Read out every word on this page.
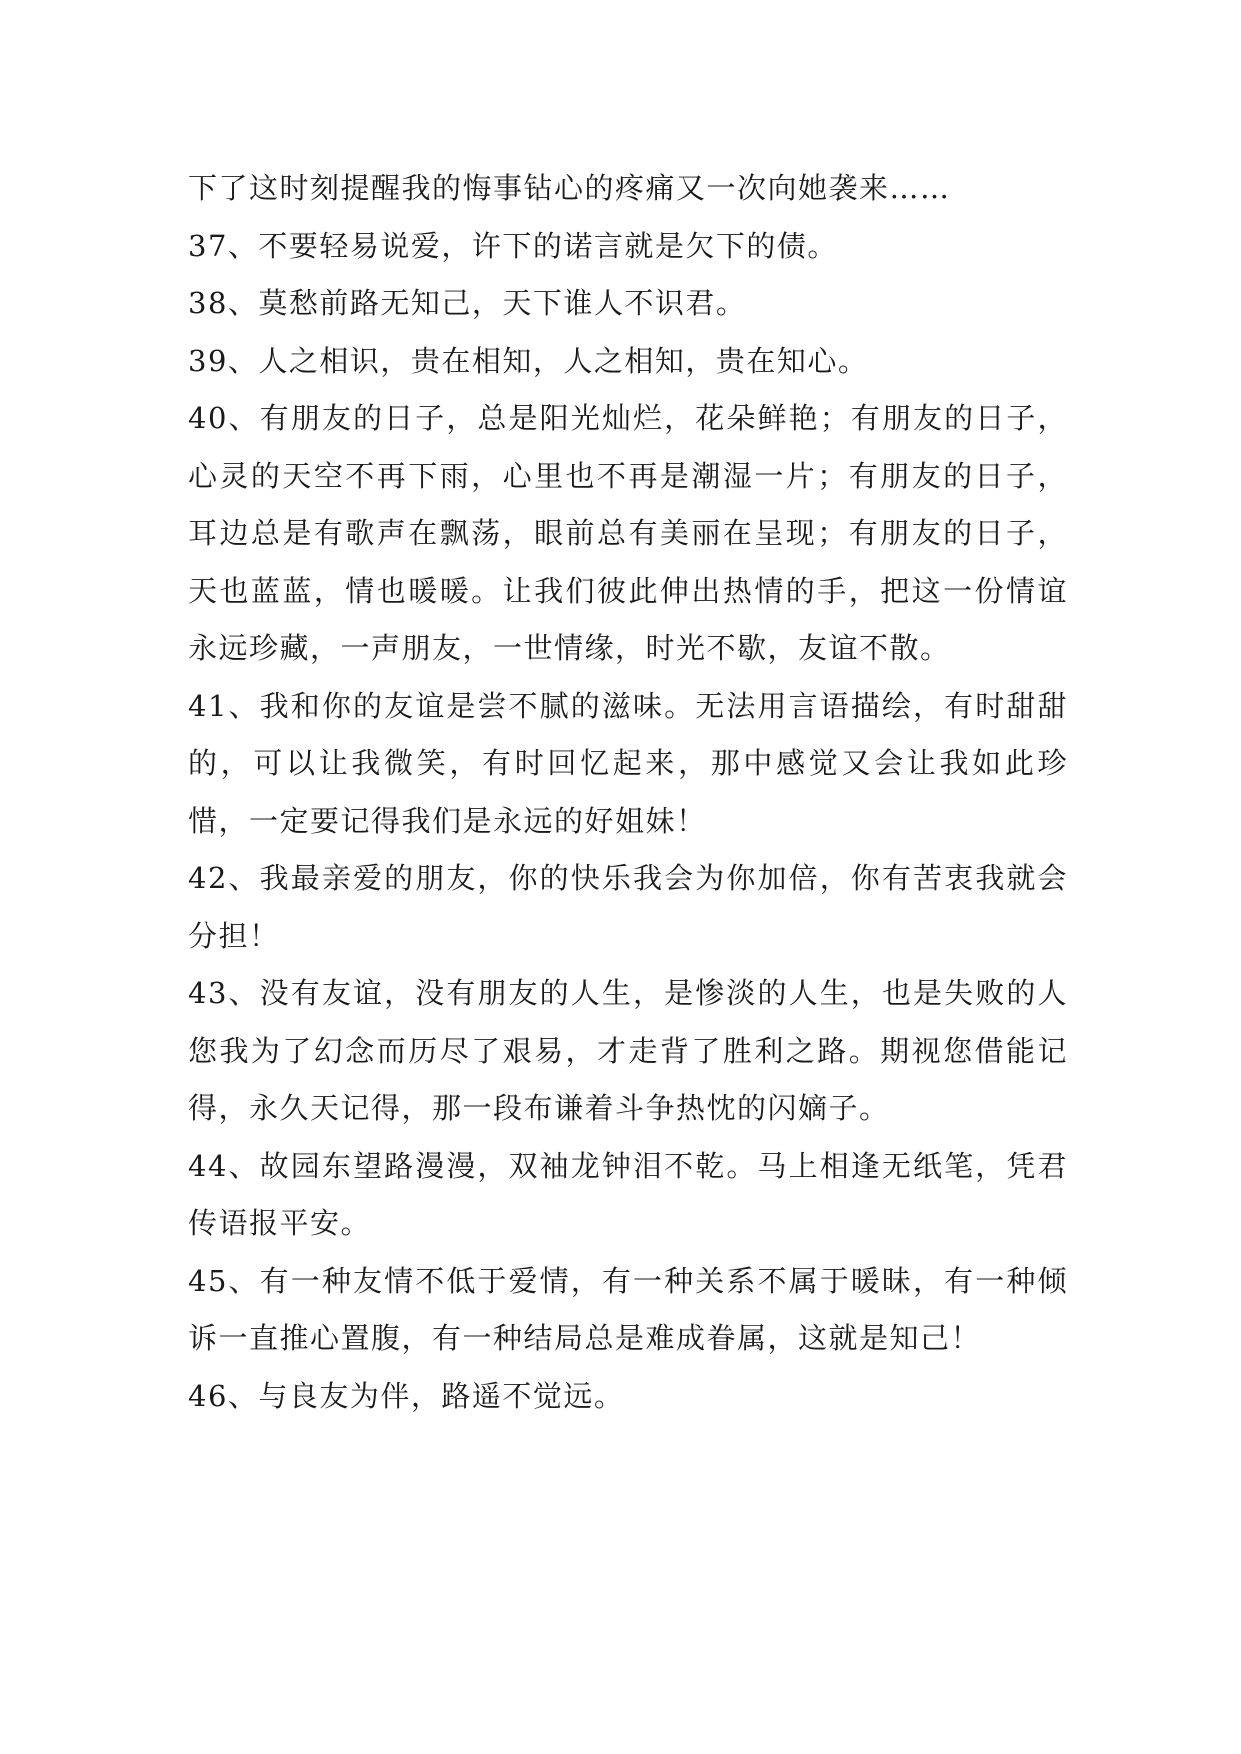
下了这时刻提醒我的悔事钻心的疼痛又一次向她袭来……

37、不要轻易说爱，许下的诺言就是欠下的债。

38、莫愁前路无知己，天下谁人不识君。

39、人之相识，贵在相知，人之相知，贵在知心。

40、有朋友的日子，总是阳光灿烂，花朵鲜艳；有朋友的日子，心灵的天空不再下雨，心里也不再是潮湿一片；有朋友的日子，耳边总是有歌声在飘荡，眼前总有美丽在呈现；有朋友的日子，天也蓝蓝，情也暖暖。让我们彼此伸出热情的手，把这一份情谊永远珍藏，一声朋友，一世情缘，时光不歇，友谊不散。

41、我和你的友谊是尝不腻的滋味。无法用言语描绘，有时甜甜的，可以让我微笑，有时回忆起来，那中感觉又会让我如此珍惜，一定要记得我们是永远的好姐妹！

42、我最亲爱的朋友，你的快乐我会为你加倍，你有苦衷我就会分担！

43、没有友谊，没有朋友的人生，是惨淡的人生，也是失败的人您我为了幻念而历尽了艰易，才走背了胜利之路。期视您借能记得，永久天记得，那一段布谦着斗争热忱的闪嫡子。

44、故园东望路漫漫，双袖龙钟泪不乾。马上相逢无纸笔，凭君传语报平安。

45、有一种友情不低于爱情，有一种关系不属于暖昧，有一种倾诉一直推心置腹，有一种结局总是难成眷属，这就是知己！

46、与良友为伴，路遥不觉远。
